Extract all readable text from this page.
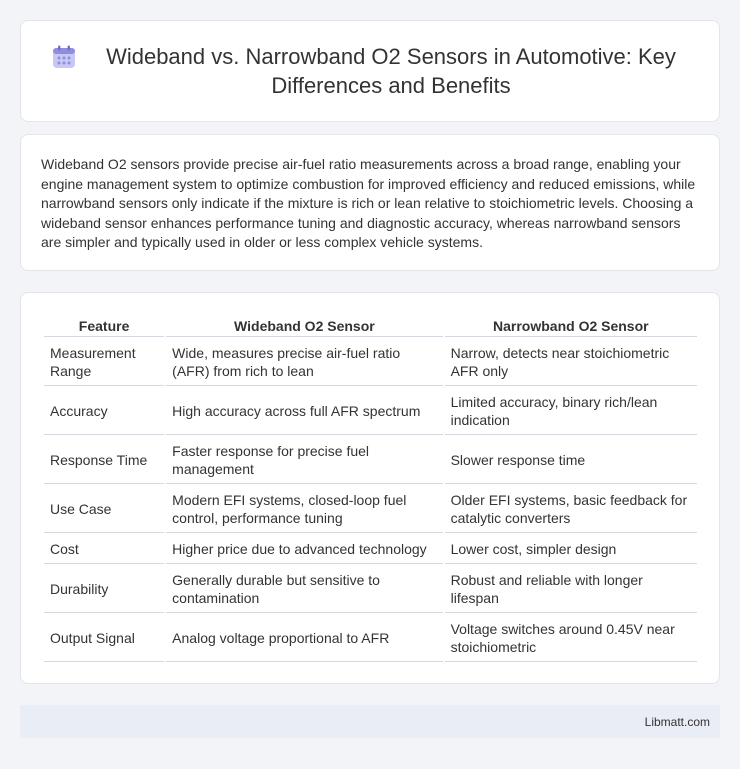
Wideband vs. Narrowband O2 Sensors in Automotive: Key Differences and Benefits

Wideband O2 sensors provide precise air-fuel ratio measurements across a broad range, enabling your engine management system to optimize combustion for improved efficiency and reduced emissions, while narrowband sensors only indicate if the mixture is rich or lean relative to stoichiometric levels. Choosing a wideband sensor enhances performance tuning and diagnostic accuracy, whereas narrowband sensors are simpler and typically used in older or less complex vehicle systems.

Feature	Wideband O2 Sensor	Narrowband O2 Sensor
Measurement Range	Wide, measures precise air-fuel ratio (AFR) from rich to lean	Narrow, detects near stoichiometric AFR only
Accuracy	High accuracy across full AFR spectrum	Limited accuracy, binary rich/lean indication
Response Time	Faster response for precise fuel management	Slower response time
Use Case	Modern EFI systems, closed-loop fuel control, performance tuning	Older EFI systems, basic feedback for catalytic converters
Cost	Higher price due to advanced technology	Lower cost, simpler design
Durability	Generally durable but sensitive to contamination	Robust and reliable with longer lifespan
Output Signal	Analog voltage proportional to AFR	Voltage switches around 0.45V near stoichiometric
Libmatt.com
